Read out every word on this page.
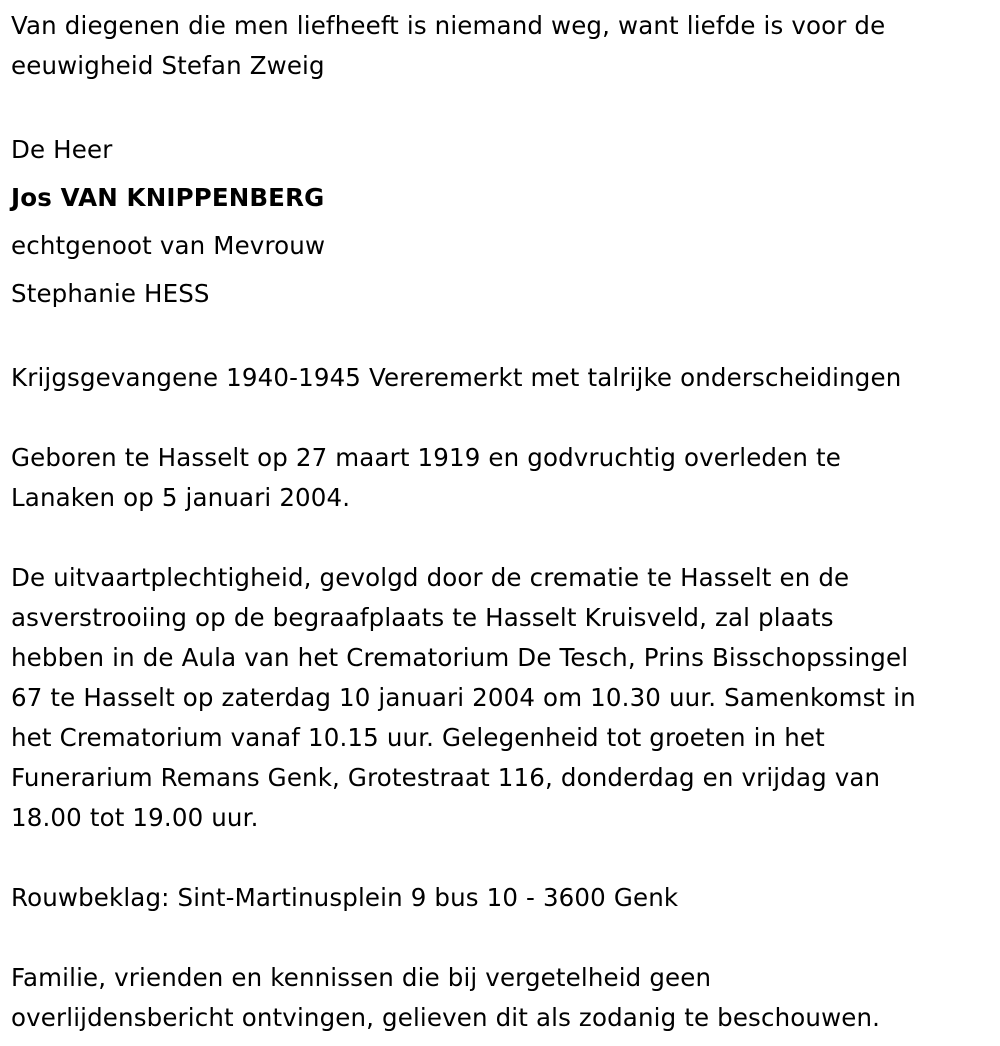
Van diegenen die men liefheeft is niemand weg, want liefde is voor de
eeuwigheid Stefan Zweig

De Heer
Jos VAN KNIPPENBERG
echtgenoot van Mevrouw
Stephanie HESS

Krijgsgevangene 1940-1945 Vereremerkt met talrijke onderscheidingen

Geboren te Hasselt op 27 maart 1919 en godvruchtig overleden te
Lanaken op 5 januari 2004.

De uitvaartplechtigheid, gevolgd door de crematie te Hasselt en de
asverstrooiing op de begraafplaats te Hasselt Kruisveld, zal plaats
hebben in de Aula van het Crematorium De Tesch, Prins Bisschopssingel
67 te Hasselt op zaterdag 10 januari 2004 om 10.30 uur. Samenkomst in
het Crematorium vanaf 10.15 uur. Gelegenheid tot groeten in het
Funerarium Remans Genk, Grotestraat 116, donderdag en vrijdag van
18.00 tot 19.00 uur.

Rouwbeklag: Sint-Martinusplein 9 bus 10 - 3600 Genk

Familie, vrienden en kennissen die bij vergetelheid geen
overlijdensbericht ontvingen, gelieven dit als zodanig te beschouwen.
